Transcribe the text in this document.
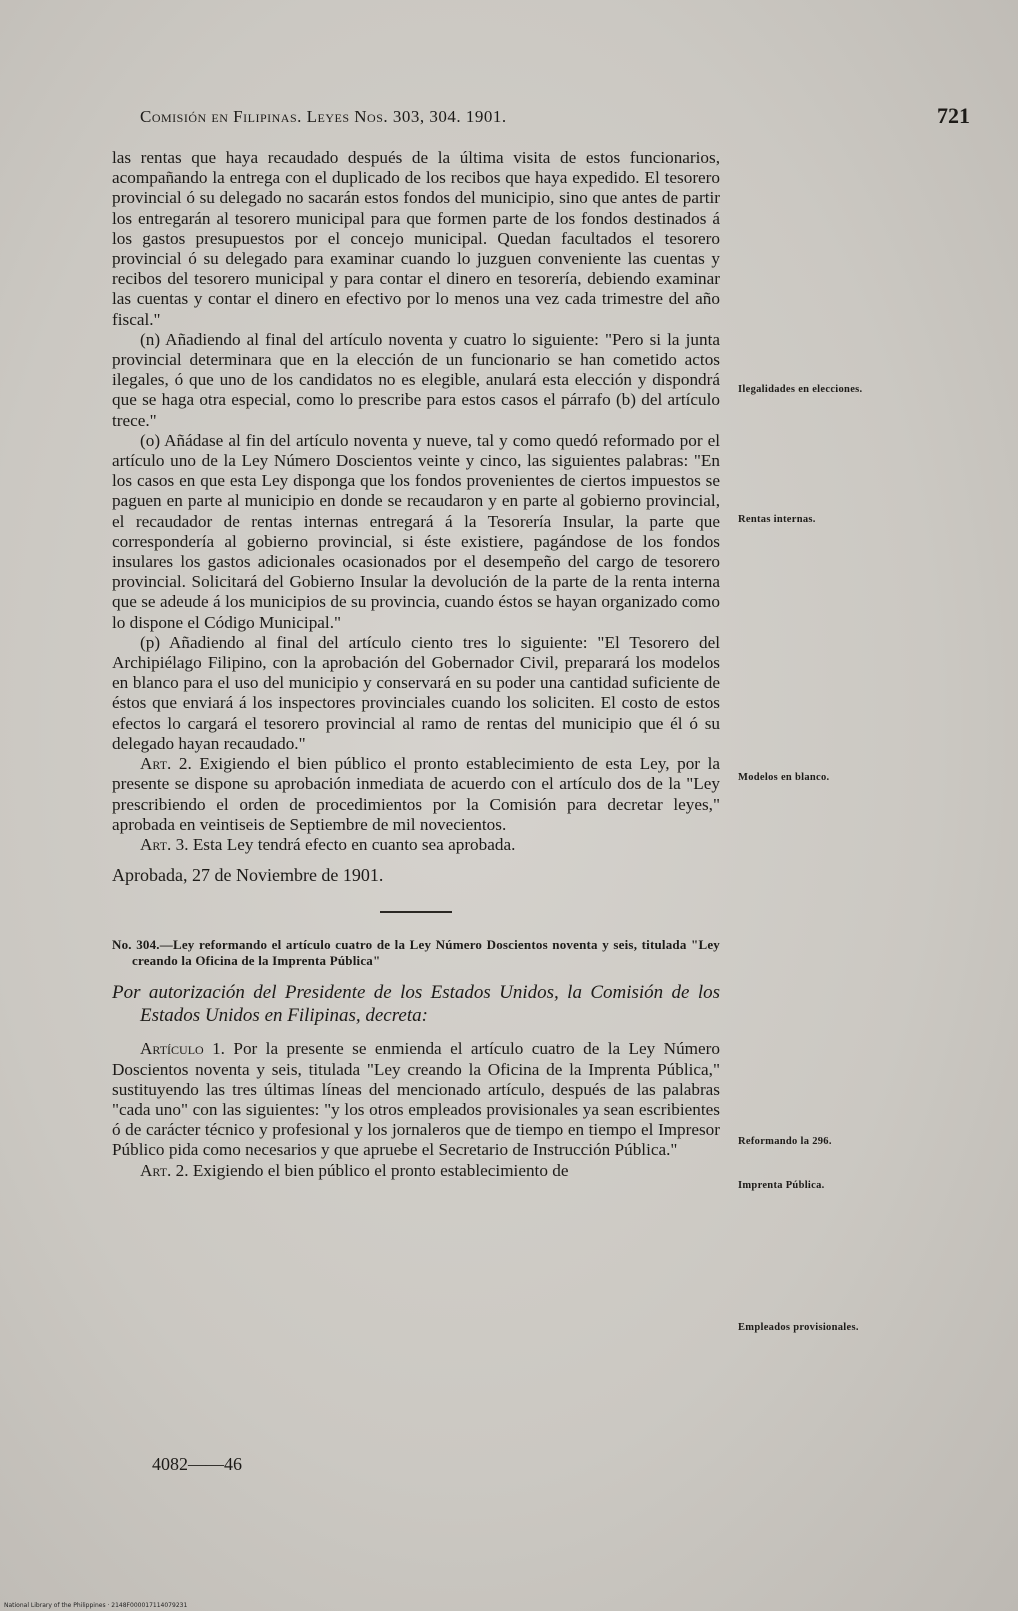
Comisión en Filipinas. Leyes Nos. 303, 304. 1901.	721

las rentas que haya recaudado después de la última visita de estos funcionarios, acompañando la entrega con el duplicado de los recibos que haya expedido. El tesorero provincial ó su delegado no sacarán estos fondos del municipio, sino que antes de partir los entregarán al tesorero municipal para que formen parte de los fondos destinados á los gastos presupuestos por el concejo municipal. Quedan facultados el tesorero provincial ó su delegado para examinar cuando lo juzguen conveniente las cuentas y recibos del tesorero municipal y para contar el dinero en tesorería, debiendo examinar las cuentas y contar el dinero en efectivo por lo menos una vez cada trimestre del año fiscal."

(n) Añadiendo al final del artículo noventa y cuatro lo siguiente: "Pero si la junta provincial determinara que en la elección de un funcionario se han cometido actos ilegales, ó que uno de los candidatos no es elegible, anulará esta elección y dispondrá que se haga otra especial, como lo prescribe para estos casos el párrafo (b) del artículo trece."

(o) Añádase al fin del artículo noventa y nueve, tal y como quedó reformado por el artículo uno de la Ley Número Doscientos veinte y cinco, las siguientes palabras: "En los casos en que esta Ley disponga que los fondos provenientes de ciertos impuestos se paguen en parte al municipio en donde se recaudaron y en parte al gobierno provincial, el recaudador de rentas internas entregará á la Tesorería Insular, la parte que correspondería al gobierno provincial, si éste existiere, pagándose de los fondos insulares los gastos adicionales ocasionados por el desempeño del cargo de tesorero provincial. Solicitará del Gobierno Insular la devolución de la parte de la renta interna que se adeude á los municipios de su provincia, cuando éstos se hayan organizado como lo dispone el Código Municipal."

(p) Añadiendo al final del artículo ciento tres lo siguiente: "El Tesorero del Archipiélago Filipino, con la aprobación del Gobernador Civil, preparará los modelos en blanco para el uso del municipio y conservará en su poder una cantidad suficiente de éstos que enviará á los inspectores provinciales cuando los soliciten. El costo de estos efectos lo cargará el tesorero provincial al ramo de rentas del municipio que él ó su delegado hayan recaudado."

Art. 2. Exigiendo el bien público el pronto establecimiento de esta Ley, por la presente se dispone su aprobación inmediata de acuerdo con el artículo dos de la "Ley prescribiendo el orden de procedimientos por la Comisión para decretar leyes," aprobada en veintiseis de Septiembre de mil novecientos.

Art. 3. Esta Ley tendrá efecto en cuanto sea aprobada.

Aprobada, 27 de Noviembre de 1901.

No. 304.—Ley reformando el artículo cuatro de la Ley Número Doscientos noventa y seis, titulada "Ley creando la Oficina de la Imprenta Pública"

Por autorización del Presidente de los Estados Unidos, la Comisión de los Estados Unidos en Filipinas, decreta:

Artículo 1. Por la presente se enmienda el artículo cuatro de la Ley Número Doscientos noventa y seis, titulada "Ley creando la Oficina de la Imprenta Pública," sustituyendo las tres últimas líneas del mencionado artículo, después de las palabras "cada uno" con las siguientes: "y los otros empleados provisionales ya sean escribientes ó de carácter técnico y profesional y los jornaleros que de tiempo en tiempo el Impresor Público pida como necesarios y que apruebe el Secretario de Instrucción Pública."

Art. 2. Exigiendo el bien público el pronto establecimiento de

Ilegalidades en elecciones.
Rentas internas.
Modelos en blanco.
Reformando la 296.
Imprenta Pública.
Empleados provisionales.
4082——46
National Library of the Philippines · 2148F000017114079231
